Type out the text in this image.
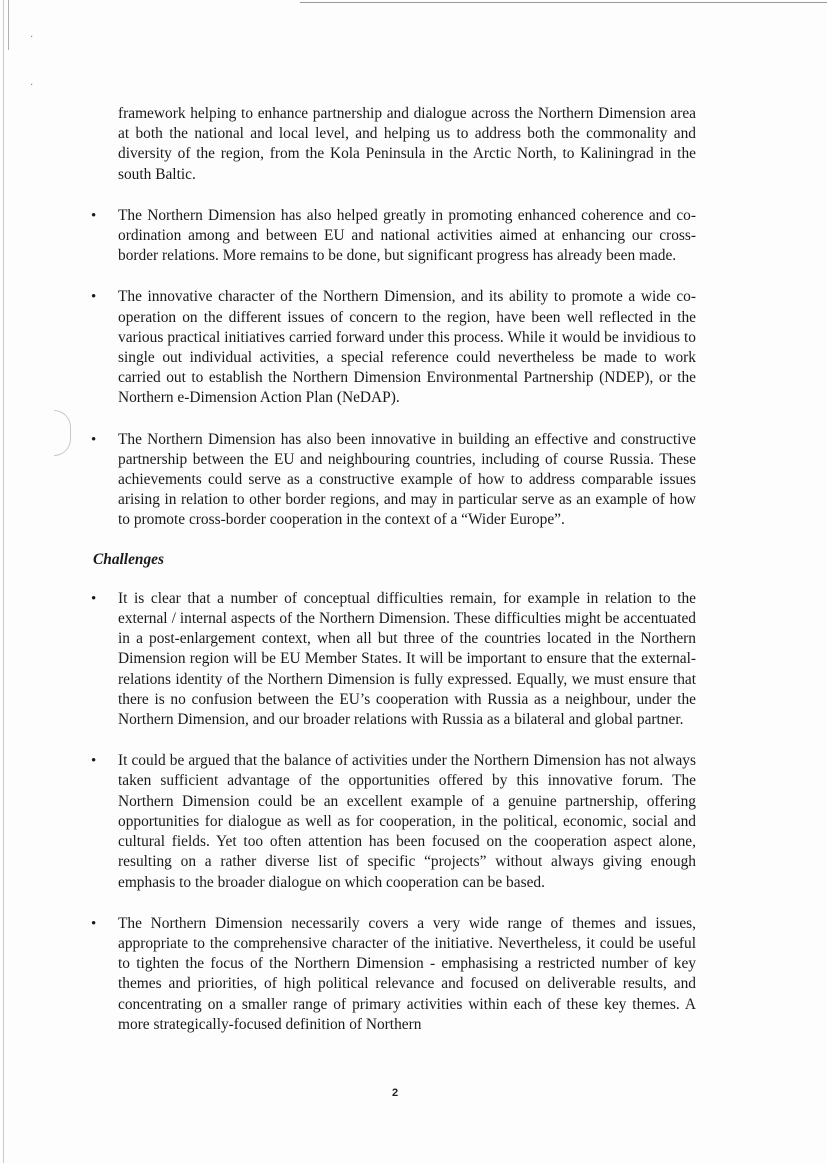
·
·

framework helping to enhance partnership and dialogue across the Northern Dimension area at both the national and local level, and helping us to address both the commonality and diversity of the region, from the Kola Peninsula in the Arctic North, to Kaliningrad in the south Baltic.

• The Northern Dimension has also helped greatly in promoting enhanced coherence and co-ordination among and between EU and national activities aimed at enhancing our cross-border relations. More remains to be done, but significant progress has already been made.

• The innovative character of the Northern Dimension, and its ability to promote a wide co-operation on the different issues of concern to the region, have been well reflected in the various practical initiatives carried forward under this process. While it would be invidious to single out individual activities, a special reference could nevertheless be made to work carried out to establish the Northern Dimension Environmental Partnership (NDEP), or the Northern e-Dimension Action Plan (NeDAP).

• The Northern Dimension has also been innovative in building an effective and constructive partnership between the EU and neighbouring countries, including of course Russia. These achievements could serve as a constructive example of how to address comparable issues arising in relation to other border regions, and may in particular serve as an example of how to promote cross-border cooperation in the context of a “Wider Europe”.

Challenges

• It is clear that a number of conceptual difficulties remain, for example in relation to the external / internal aspects of the Northern Dimension. These difficulties might be accentuated in a post-enlargement context, when all but three of the countries located in the Northern Dimension region will be EU Member States. It will be important to ensure that the external-relations identity of the Northern Dimension is fully expressed. Equally, we must ensure that there is no confusion between the EU’s cooperation with Russia as a neighbour, under the Northern Dimension, and our broader relations with Russia as a bilateral and global partner.

• It could be argued that the balance of activities under the Northern Dimension has not always taken sufficient advantage of the opportunities offered by this innovative forum. The Northern Dimension could be an excellent example of a genuine partnership, offering opportunities for dialogue as well as for cooperation, in the political, economic, social and cultural fields. Yet too often attention has been focused on the cooperation aspect alone, resulting on a rather diverse list of specific “projects” without always giving enough emphasis to the broader dialogue on which cooperation can be based.

• The Northern Dimension necessarily covers a very wide range of themes and issues, appropriate to the comprehensive character of the initiative. Nevertheless, it could be useful to tighten the focus of the Northern Dimension - emphasising a restricted number of key themes and priorities, of high political relevance and focused on deliverable results, and concentrating on a smaller range of primary activities within each of these key themes. A more strategically-focused definition of Northern

2
